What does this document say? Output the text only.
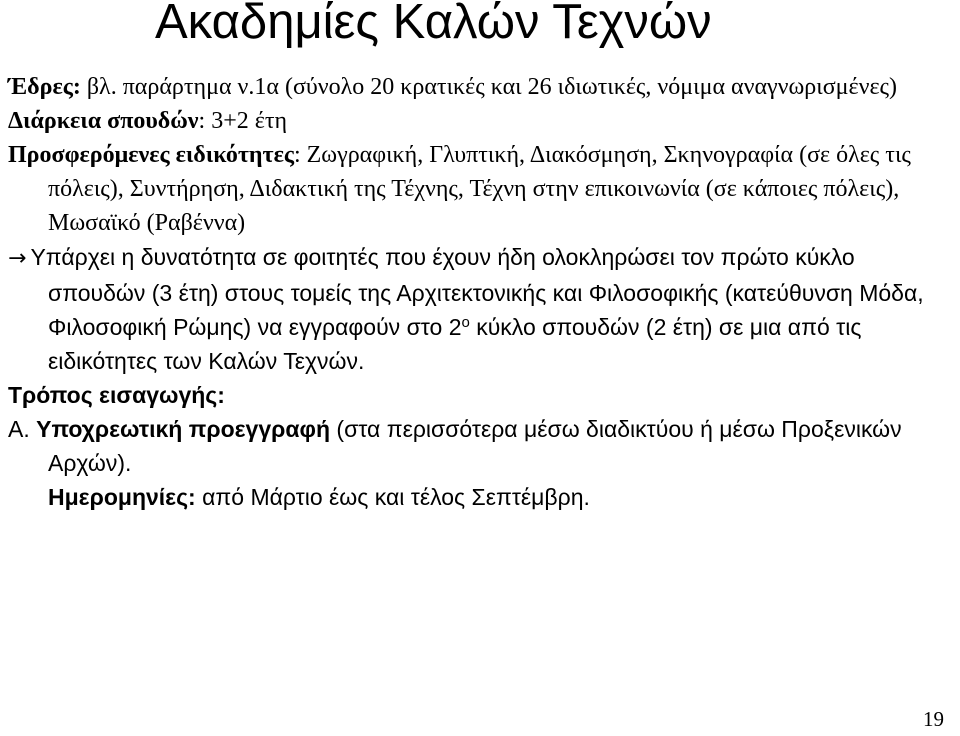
Ακαδημίες Καλών Τεχνών

Έδρες: βλ. παράρτημα ν.1α (σύνολο 20 κρατικές και 26 ιδιωτικές, νόμιμα αναγνωρισμένες)

Διάρκεια σπουδών: 3+2 έτη

Προσφερόμενες ειδικότητες: Ζωγραφική, Γλυπτική, Διακόσμηση, Σκηνογραφία (σε όλες τις πόλεις), Συντήρηση, Διδακτική της Τέχνης, Τέχνη στην επικοινωνία (σε κάποιες πόλεις), Μωσαϊκό (Ραβέννα)

→ Υπάρχει η δυνατότητα σε φοιτητές που έχουν ήδη ολοκληρώσει τον πρώτο κύκλο σπουδών (3 έτη) στους τομείς της Αρχιτεκτονικής και Φιλοσοφικής (κατεύθυνση Μόδα, Φιλοσοφική Ρώμης) να εγγραφούν στο $2^o$ κύκλο σπουδών (2 έτη) σε μια από τις ειδικότητες των Καλών Τεχνών.

Τρόπος εισαγωγής:

Α. Υποχρεωτική προεγγραφή (στα περισσότερα μέσω διαδικτύου ή μέσω Προξενικών Αρχών).

Ημερομηνίες: από Μάρτιο έως και τέλος Σεπτέμβρη.

19
